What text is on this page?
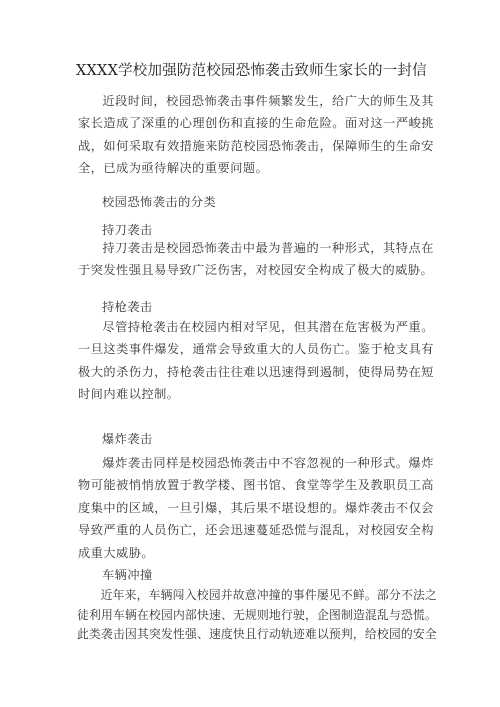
XXXX学校加强防范校园恐怖袭击致师生家长的一封信

近段时间，校园恐怖袭击事件频繁发生，给广大的师生及其家长造成了深重的心理创伤和直接的生命危险。面对这一严峻挑战，如何采取有效措施来防范校园恐怖袭击，保障师生的生命安全，已成为亟待解决的重要问题。

校园恐怖袭击的分类

持刀袭击

持刀袭击是校园恐怖袭击中最为普遍的一种形式，其特点在于突发性强且易导致广泛伤害，对校园安全构成了极大的威胁。

持枪袭击

尽管持枪袭击在校园内相对罕见，但其潜在危害极为严重。一旦这类事件爆发，通常会导致重大的人员伤亡。鉴于枪支具有极大的杀伤力，持枪袭击往往难以迅速得到遏制，使得局势在短时间内难以控制。

爆炸袭击

爆炸袭击同样是校园恐怖袭击中不容忽视的一种形式。爆炸物可能被悄悄放置于教学楼、图书馆、食堂等学生及教职员工高度集中的区域，一旦引爆，其后果不堪设想的。爆炸袭击不仅会导致严重的人员伤亡，还会迅速蔓延恐慌与混乱，对校园安全构成重大威胁。

车辆冲撞

近年来，车辆闯入校园并故意冲撞的事件屡见不鲜。部分不法之徒利用车辆在校园内部快速、无规则地行驶，企图制造混乱与恐慌。此类袭击因其突发性强、速度快且行动轨迹难以预判，给校园的安全
